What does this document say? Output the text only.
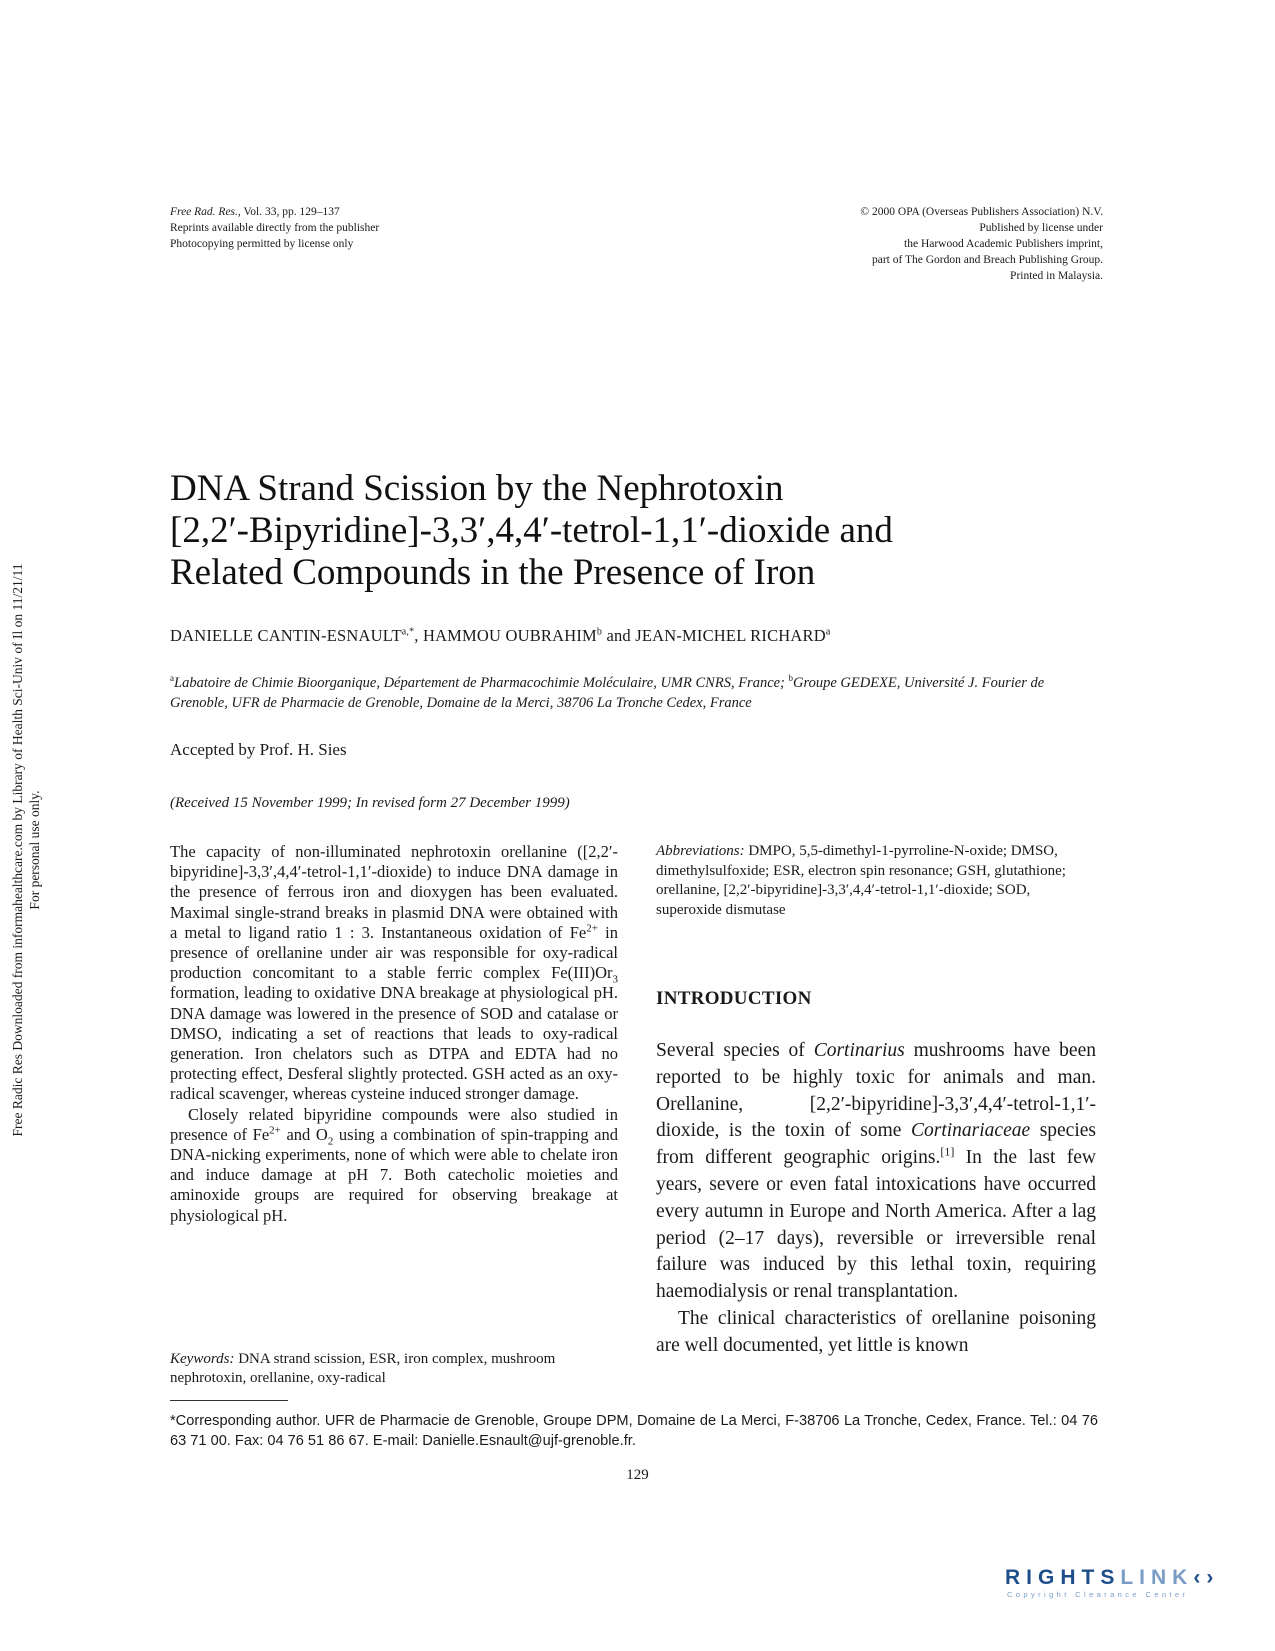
Free Rad. Res., Vol. 33, pp. 129–137
Reprints available directly from the publisher
Photocopying permitted by license only
© 2000 OPA (Overseas Publishers Association) N.V.
Published by license under
the Harwood Academic Publishers imprint,
part of The Gordon and Breach Publishing Group.
Printed in Malaysia.
Free Radic Res Downloaded from informahealthcare.com by Library of Health Sci-Univ of Il on 11/21/11 For personal use only.
DNA Strand Scission by the Nephrotoxin
[2,2′-Bipyridine]-3,3′,4,4′-tetrol-1,1′-dioxide and
Related Compounds in the Presence of Iron
DANIELLE CANTIN-$ESNAULT^{a,*}$, HAMMOU OUBRAHIM$^b$ and JEAN-MICHEL RICHARD$^a$
$^a$Labatoire de Chimie Bioorganique, Département de Pharmacochimie Moléculaire, UMR CNRS, France; $^b$Groupe GEDEXE, Université J. Fourier de Grenoble, UFR de Pharmacie de Grenoble, Domaine de la Merci, 38706 La Tronche Cedex, France
Accepted by Prof. H. Sies
(Received 15 November 1999; In revised form 27 December 1999)

The capacity of non-illuminated nephrotoxin orellanine ([2,2′-bipyridine]-3,3′,4,4′-tetrol-1,1′-dioxide) to induce DNA damage in the presence of ferrous iron and dioxygen has been evaluated. Maximal single-strand breaks in plasmid DNA were obtained with a metal to ligand ratio 1 : 3. Instantaneous oxidation of $Fe^{2+}$ in presence of orellanine under air was responsible for oxy-radical production concomitant to a stable ferric complex $Fe(III)Or_3$ formation, leading to oxidative DNA breakage at physiological pH. DNA damage was lowered in the presence of SOD and catalase or DMSO, indicating a set of reactions that leads to oxy-radical generation. Iron chelators such as DTPA and EDTA had no protecting effect, Desferal slightly protected. GSH acted as an oxy-radical scavenger, whereas cysteine induced stronger damage.

Closely related bipyridine compounds were also studied in presence of $Fe^{2+}$ and $O_2$ using a combination of spin-trapping and DNA-nicking experiments, none of which were able to chelate iron and induce damage at pH 7. Both catecholic moieties and aminoxide groups are required for observing breakage at physiological pH.

Keywords: DNA strand scission, ESR, iron complex, mushroom nephrotoxin, orellanine, oxy-radical
Abbreviations: DMPO, 5,5-dimethyl-1-pyrroline-N-oxide; DMSO, dimethylsulfoxide; ESR, electron spin resonance; GSH, glutathione; orellanine, [2,2′-bipyridine]-3,3′,4,4′-tetrol-1,1′-dioxide; SOD, superoxide dismutase
INTRODUCTION

Several species of Cortinarius mushrooms have been reported to be highly toxic for animals and man. Orellanine, [2,2′-bipyridine]-3,3′,4,4′-tetrol-1,1′-dioxide, is the toxin of some Cortinariaceae species from different geographic origins.[1] In the last few years, severe or even fatal intoxications have occurred every autumn in Europe and North America. After a lag period (2–17 days), reversible or irreversible renal failure was induced by this lethal toxin, requiring haemodialysis or renal transplantation.

The clinical characteristics of orellanine poisoning are well documented, yet little is known

*Corresponding author. UFR de Pharmacie de Grenoble, Groupe DPM, Domaine de La Merci, F-38706 La Tronche, Cedex, France. Tel.: 04 76 63 71 00. Fax: 04 76 51 86 67. E-mail: Danielle.Esnault@ujf-grenoble.fr.
129
RIGHTSLINK‹›
Copyright Clearance Center
